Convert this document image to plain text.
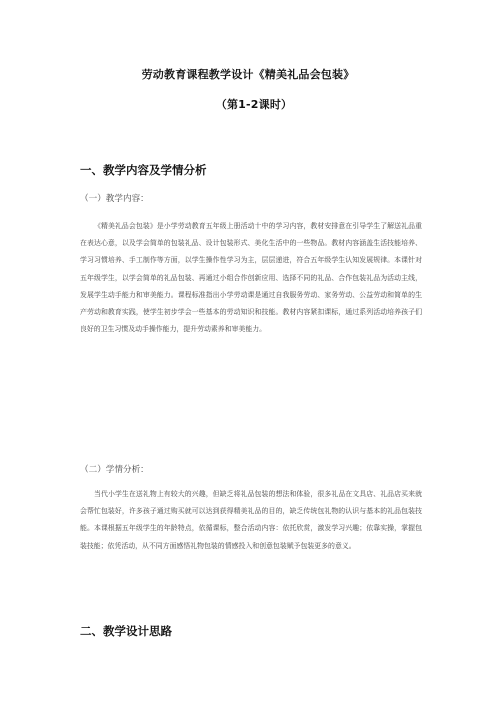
劳动教育课程教学设计《精美礼品会包装》
（第1-2课时）
一、教学内容及学情分析
（一）教学内容：

《精美礼品会包装》是小学劳动教育五年级上册活动十中的学习内容，教材安排意在引导学生了解送礼品重在表达心意，以及学会简单的包装礼品、设计包装形式、美化生活中的一些物品。教材内容涵盖生活技能培养、学习习惯培养、手工制作等方面，以学生操作性学习为主，层层递进，符合五年级学生认知发展规律。本课针对五年级学生，以学会简单的礼品包装、再通过小组合作创新应用、选择不同的礼品、合作包装礼品为活动主线，发展学生动手能力和审美能力。课程标准指出小学劳动课是通过自我服务劳动、家务劳动、公益劳动和简单的生产劳动和教育实践，使学生初步学会一些基本的劳动知识和技能。教材内容紧扣课标，通过系列活动培养孩子们良好的卫生习惯及动手操作能力，提升劳动素养和审美能力。

（二）学情分析：

当代小学生在送礼物上有较大的兴趣，但缺乏将礼品包装的想法和体验，很多礼品在文具店、礼品店买来就会帮忙包装好，许多孩子通过购买就可以达到获得精美礼品的目的，缺乏传统包礼物的认识与基本的礼品包装技能。本课根据五年级学生的年龄特点，依循课标，整合活动内容：依托欣赏，激发学习兴趣；依靠实操，掌握包装技能；依凭活动，从不同方面感悟礼物包装的情感投入和创意包装赋予包装更多的意义。

二、教学设计思路
